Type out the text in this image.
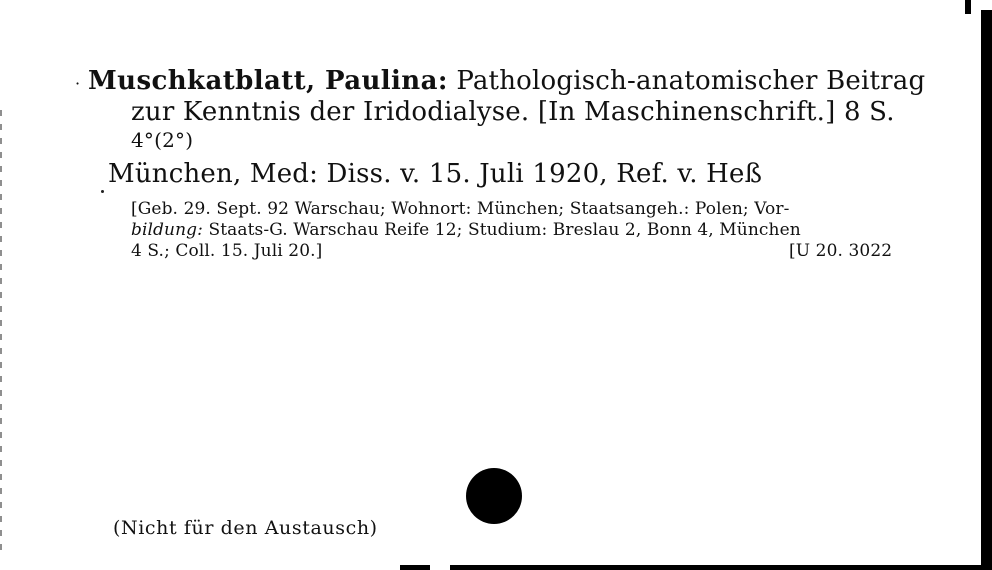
· Muschkatblatt, Paulina: Pathologisch-anatomischer Beitrag
zur Kenntnis der Iridodialyse. [In Maschinenschrift.] 8 S.
4°(2°)
München, Med: Diss. v. 15. Juli 1920, Ref. v. Heß
[Geb. 29. Sept. 92 Warschau; Wohnort: München; Staatsangeh.: Polen; Vor-
bildung: Staats-G. Warschau Reife 12; Studium: Breslau 2, Bonn 4, München
4 S.; Coll. 15. Juli 20.]	[U 20. 3022
(Nicht für den Austausch)
